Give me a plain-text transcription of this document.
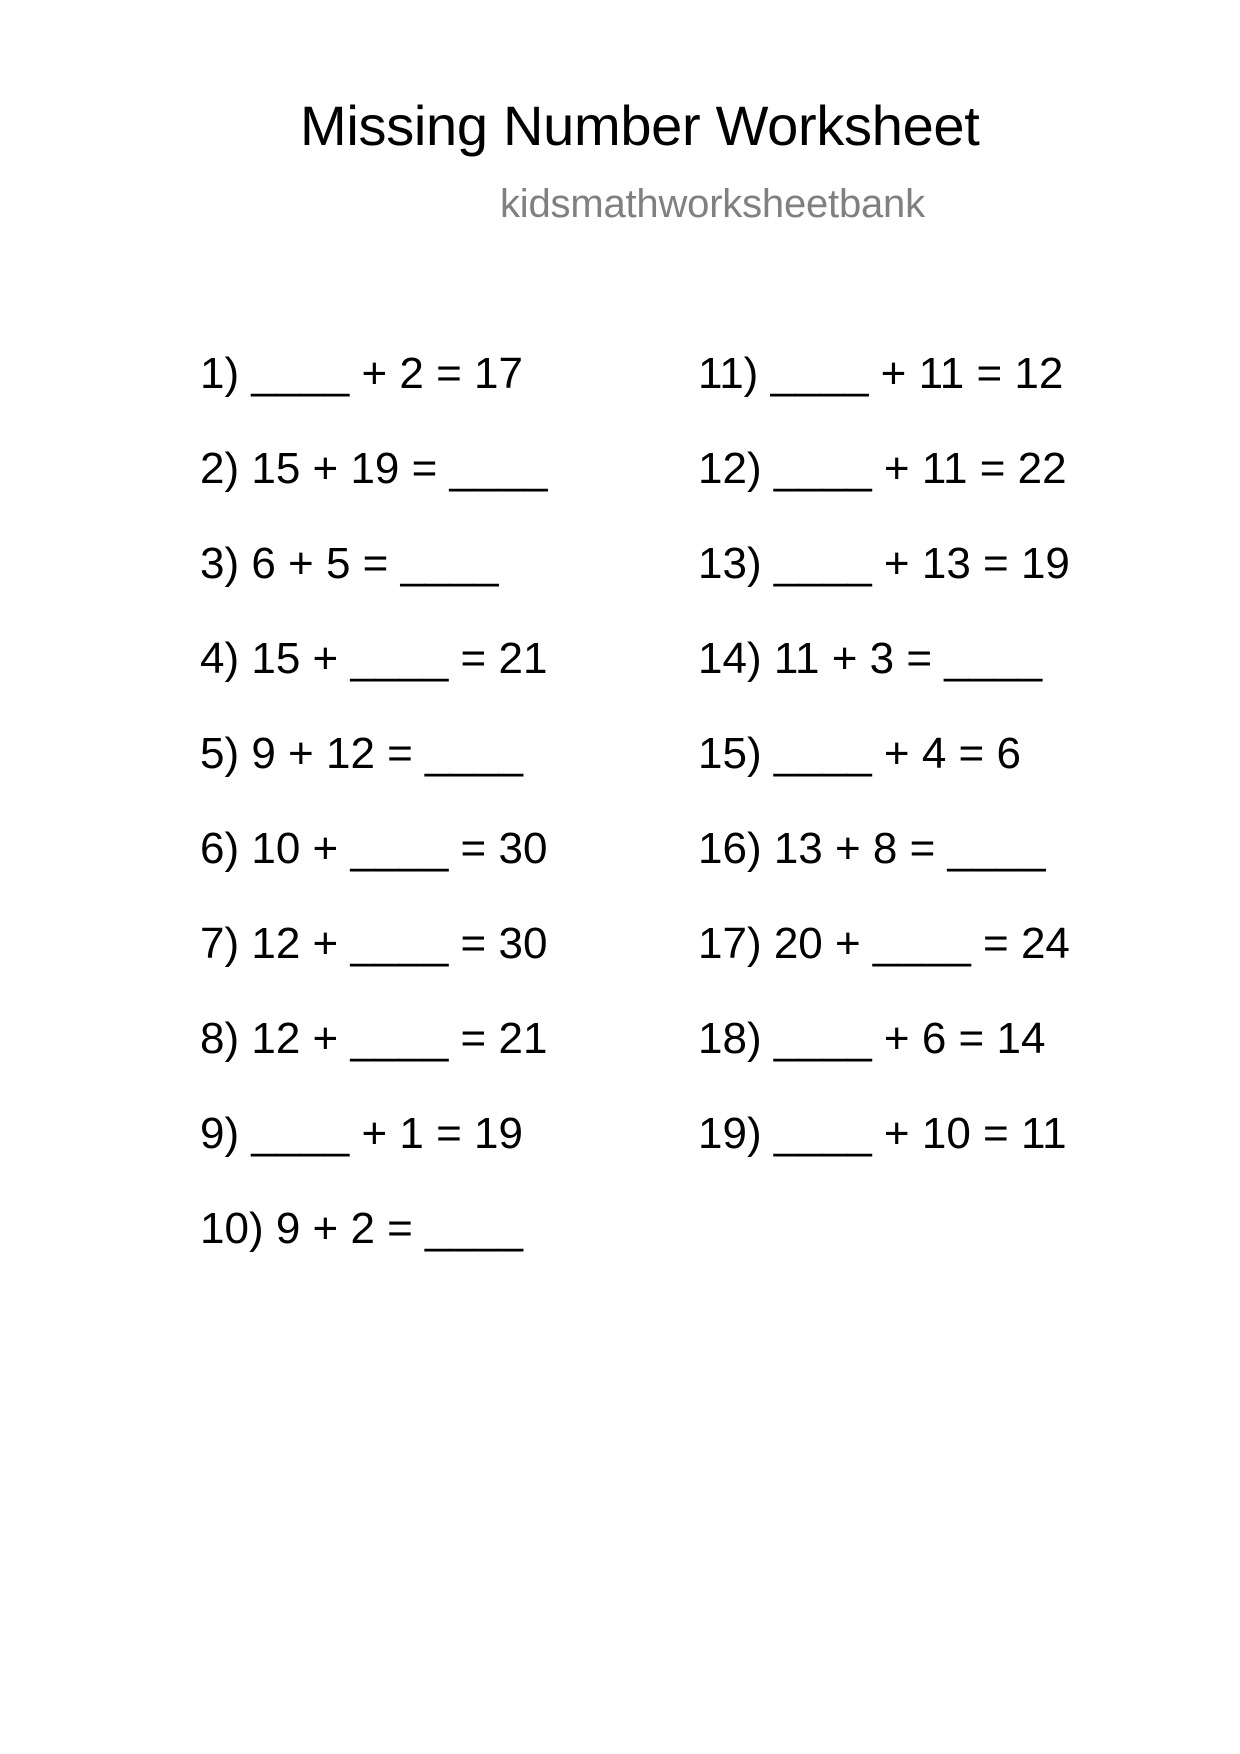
Missing Number Worksheet
kidsmathworksheetbank
1) ____ + 2 = 17
2) 15 + 19 = ____
3) 6 + 5 = ____
4) 15 + ____ = 21
5) 9 + 12 = ____
6) 10 + ____ = 30
7) 12 + ____ = 30
8) 12 + ____ = 21
9) ____ + 1 = 19
10) 9 + 2 = ____
11) ____ + 11 = 12
12) ____ + 11 = 22
13) ____ + 13 = 19
14) 11 + 3 = ____
15) ____ + 4 = 6
16) 13 + 8 = ____
17) 20 + ____ = 24
18) ____ + 6 = 14
19) ____ + 10 = 11
